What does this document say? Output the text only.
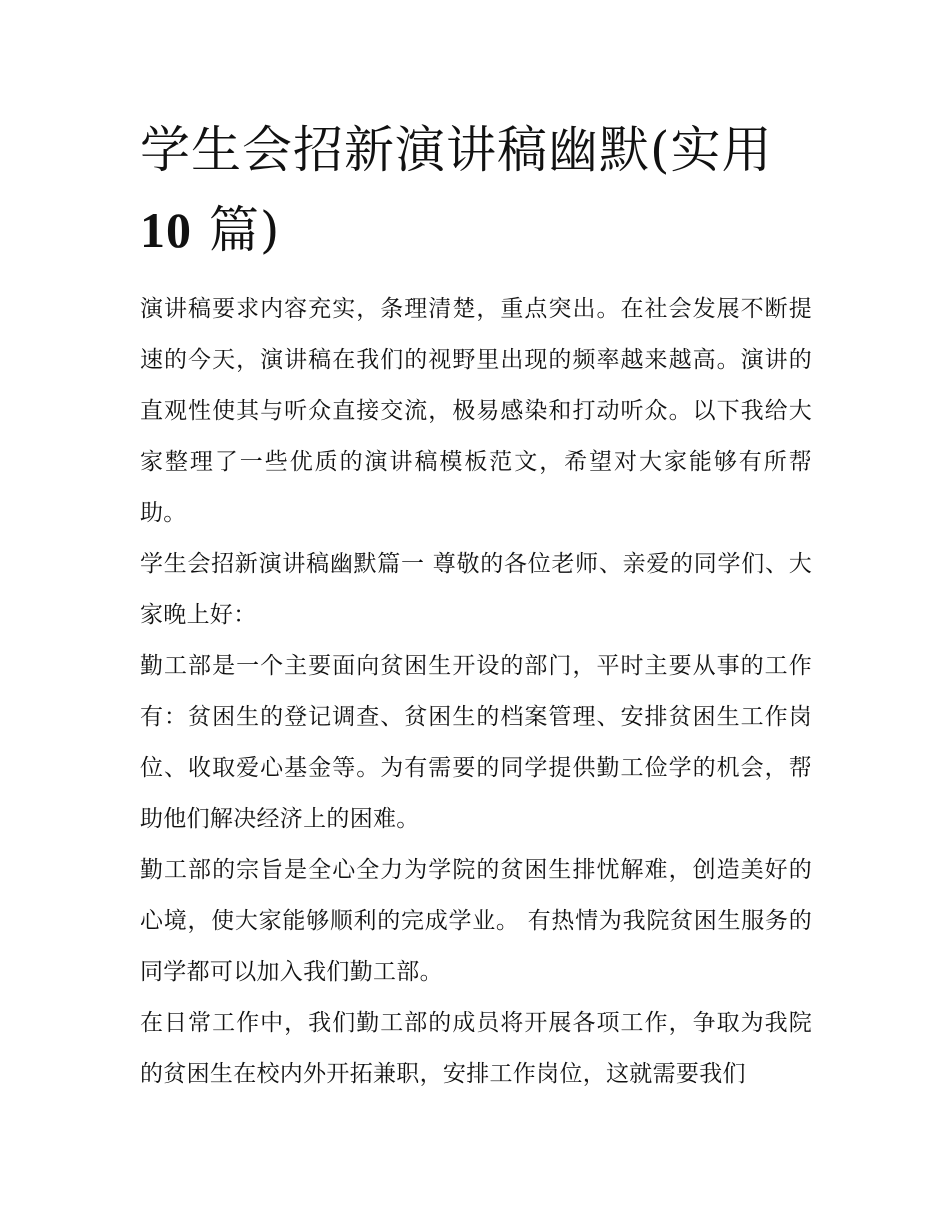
学生会招新演讲稿幽默(实用
10 篇)

演讲稿要求内容充实，条理清楚，重点突出。在社会发展不断提速的今天，演讲稿在我们的视野里出现的频率越来越高。演讲的直观性使其与听众直接交流，极易感染和打动听众。以下我给大家整理了一些优质的演讲稿模板范文，希望对大家能够有所帮助。

学生会招新演讲稿幽默篇一 尊敬的各位老师、亲爱的同学们、大家晚上好：

勤工部是一个主要面向贫困生开设的部门，平时主要从事的工作有：贫困生的登记调查、贫困生的档案管理、安排贫困生工作岗位、收取爱心基金等。为有需要的同学提供勤工俭学的机会，帮助他们解决经济上的困难。

勤工部的宗旨是全心全力为学院的贫困生排忧解难，创造美好的心境，使大家能够顺利的完成学业。 有热情为我院贫困生服务的同学都可以加入我们勤工部。

在日常工作中，我们勤工部的成员将开展各项工作，争取为我院的贫困生在校内外开拓兼职，安排工作岗位，这就需要我们
